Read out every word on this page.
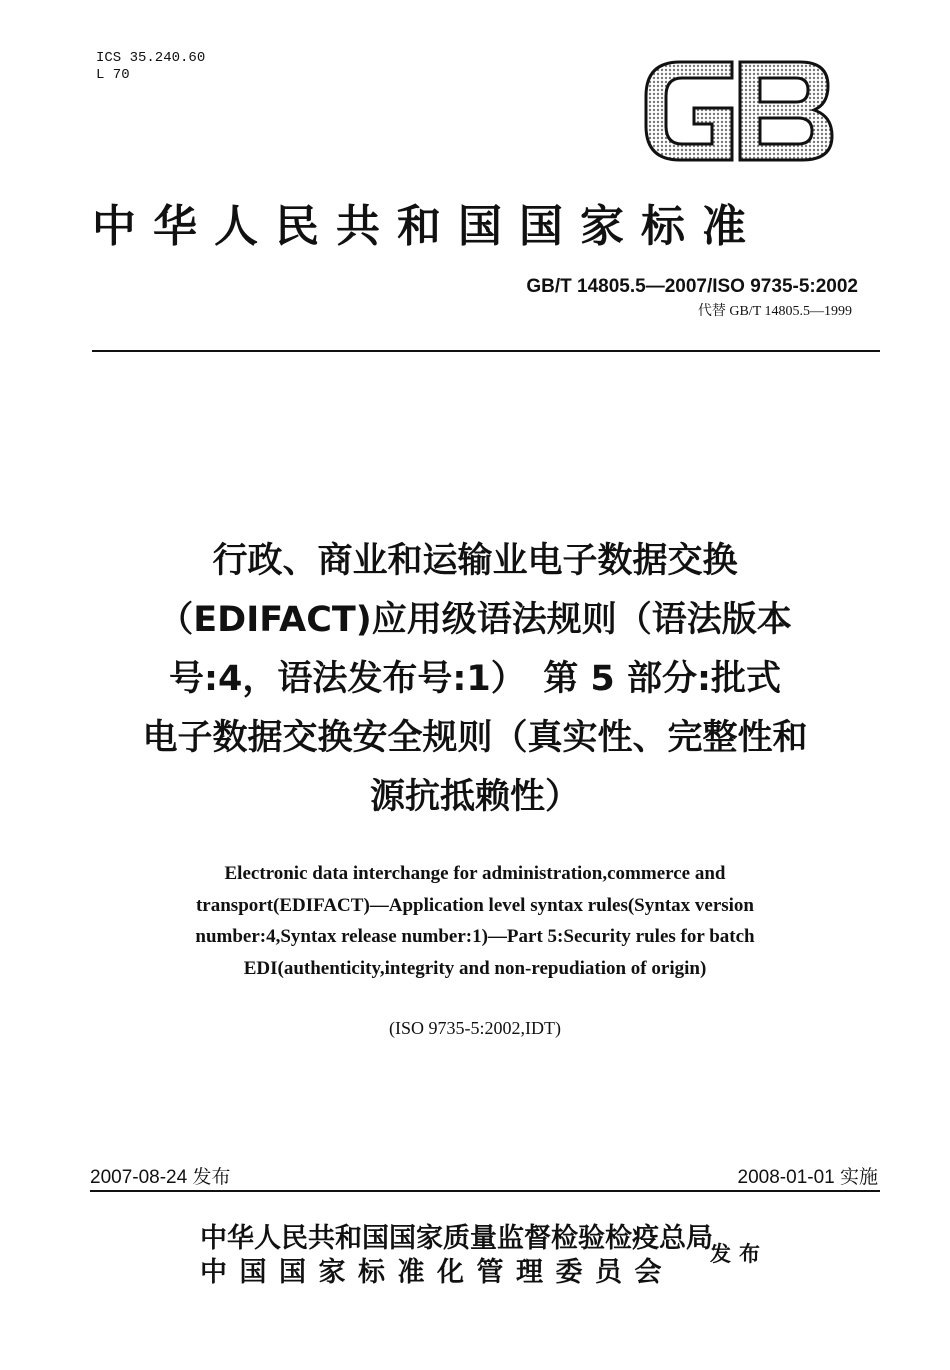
ICS 35.240.60
L 70
中华人民共和国国家标准
GB/T 14805.5—2007/ISO 9735-5:2002
代替 GB/T 14805.5—1999
行政、商业和运输业电子数据交换
（EDIFACT)应用级语法规则（语法版本
号:4，语法发布号:1）　第 5 部分:批式
电子数据交换安全规则（真实性、完整性和
源抗抵赖性）
Electronic data interchange for administration,commerce and
transport(EDIFACT)—Application level syntax rules(Syntax version
number:4,Syntax release number:1)—Part 5:Security rules for batch
EDI(authenticity,integrity and non-repudiation of origin)
(ISO 9735-5:2002,IDT)
2007-08-24 发布	2008-01-01 实施
中华人民共和国国家质量监督检验检疫总局
中国国家标准化管理委员会
发布
